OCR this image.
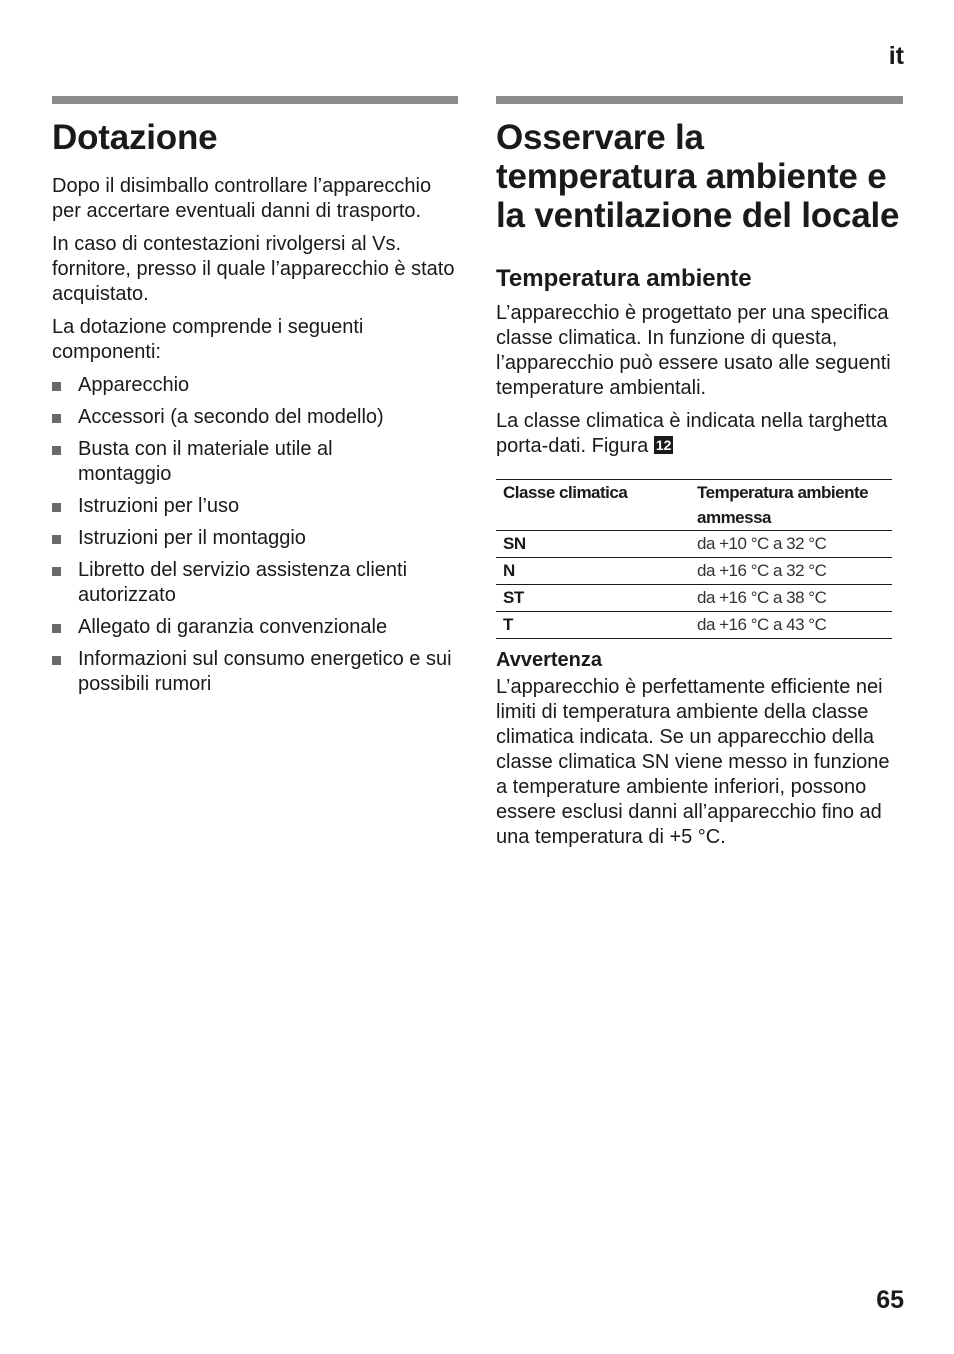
it
Dotazione

Dopo il disimballo controllare l’apparecchio per accertare eventuali danni di trasporto.

In caso di contestazioni rivolgersi al Vs. fornitore, presso il quale l’apparecchio è stato acquistato.

La dotazione comprende i seguenti componenti:

Apparecchio
Accessori (a secondo del modello)
Busta con il materiale utile al montaggio
Istruzioni per l’uso
Istruzioni per il montaggio
Libretto del servizio assistenza clienti autorizzato
Allegato di garanzia convenzionale
Informazioni sul consumo energetico e sui possibili rumori
Osservare la temperatura ambiente e la ventilazione del locale
Temperatura ambiente

L’apparecchio è progettato per una specifica classe climatica. In funzione di questa, l’apparecchio può essere usato alle seguenti temperature ambientali.

La classe climatica è indicata nella targhetta porta-dati. Figura 12

Classe climatica	Temperatura ambiente ammessa
SN	da +10 °C a 32 °C
N	da +16 °C a 32 °C
ST	da +16 °C a 38 °C
T	da +16 °C a 43 °C
Avvertenza

L’apparecchio è perfettamente efficiente nei limiti di temperatura ambiente della classe climatica indicata. Se un apparecchio della classe climatica SN viene messo in funzione a temperature ambiente inferiori, possono essere esclusi danni all’apparecchio fino ad una temperatura di +5 °C.

65
